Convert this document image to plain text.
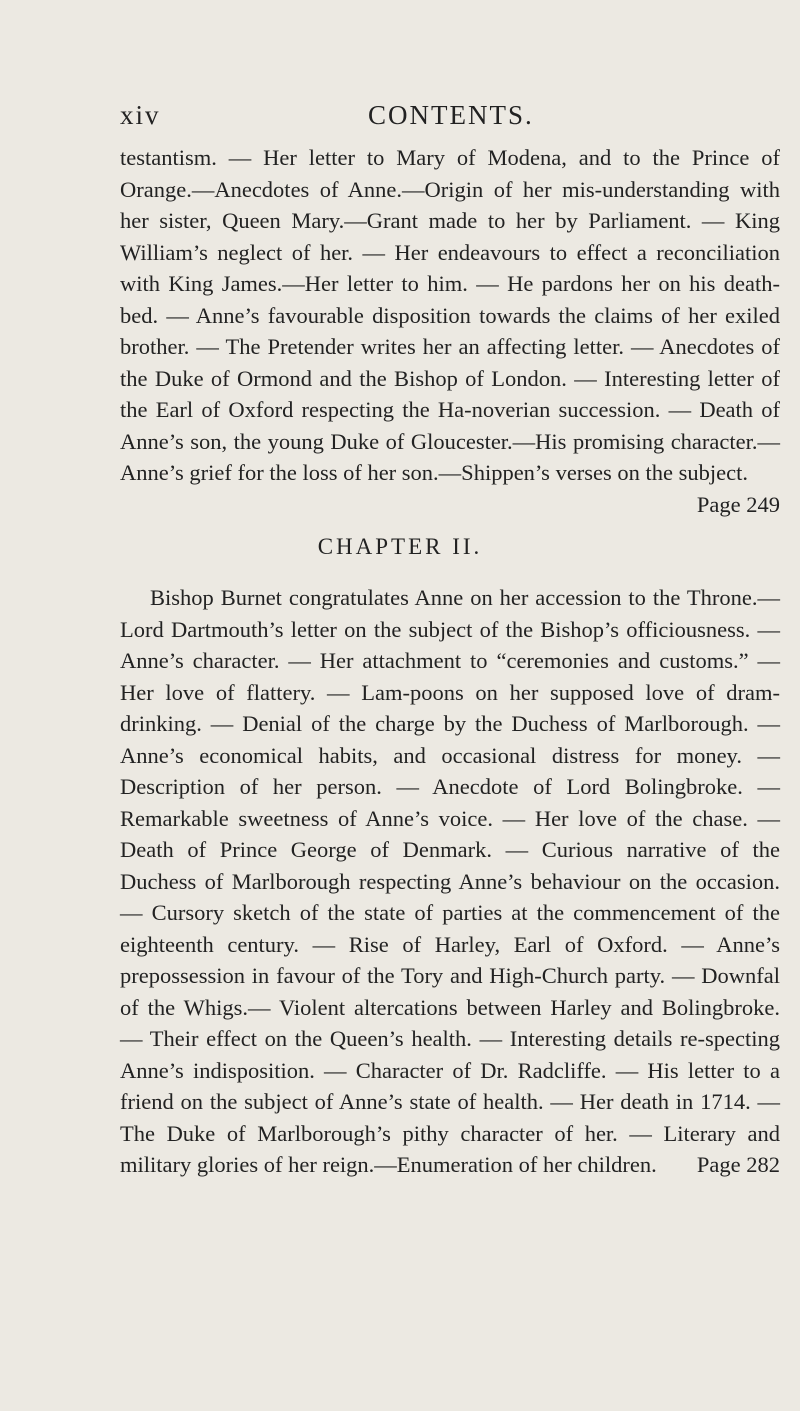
xiv	CONTENTS.

testantism. — Her letter to Mary of Modena, and to the Prince of Orange.—Anecdotes of Anne.—Origin of her mis-understanding with her sister, Queen Mary.—Grant made to her by Parliament. — King William’s neglect of her. — Her endeavours to effect a reconciliation with King James.—Her letter to him. — He pardons her on his death-bed. — Anne’s favourable disposition towards the claims of her exiled brother. — The Pretender writes her an affecting letter. — Anecdotes of the Duke of Ormond and the Bishop of London. — Interesting letter of the Earl of Oxford respecting the Ha-noverian succession. — Death of Anne’s son, the young Duke of Gloucester.—His promising character.—Anne’s grief for the loss of her son.—Shippen’s verses on the subject.
Page 249

CHAPTER II.

Bishop Burnet congratulates Anne on her accession to the Throne.—Lord Dartmouth’s letter on the subject of the Bishop’s officiousness. — Anne’s character. — Her attachment to “ceremonies and customs.” — Her love of flattery. — Lam-poons on her supposed love of dram-drinking. — Denial of the charge by the Duchess of Marlborough. — Anne’s economical habits, and occasional distress for money. — Description of her person. — Anecdote of Lord Bolingbroke. — Remarkable sweetness of Anne’s voice. — Her love of the chase. — Death of Prince George of Denmark. — Curious narrative of the Duchess of Marlborough respecting Anne’s behaviour on the occasion. — Cursory sketch of the state of parties at the commencement of the eighteenth century. — Rise of Harley, Earl of Oxford. — Anne’s prepossession in favour of the Tory and High-Church party. — Downfal of the Whigs.— Violent altercations between Harley and Bolingbroke. — Their effect on the Queen’s health. — Interesting details re-specting Anne’s indisposition. — Character of Dr. Radcliffe. — His letter to a friend on the subject of Anne’s state of health. — Her death in 1714. — The Duke of Marlborough’s pithy character of her. — Literary and military glories of her reign.—Enumeration of her children.	Page 282
